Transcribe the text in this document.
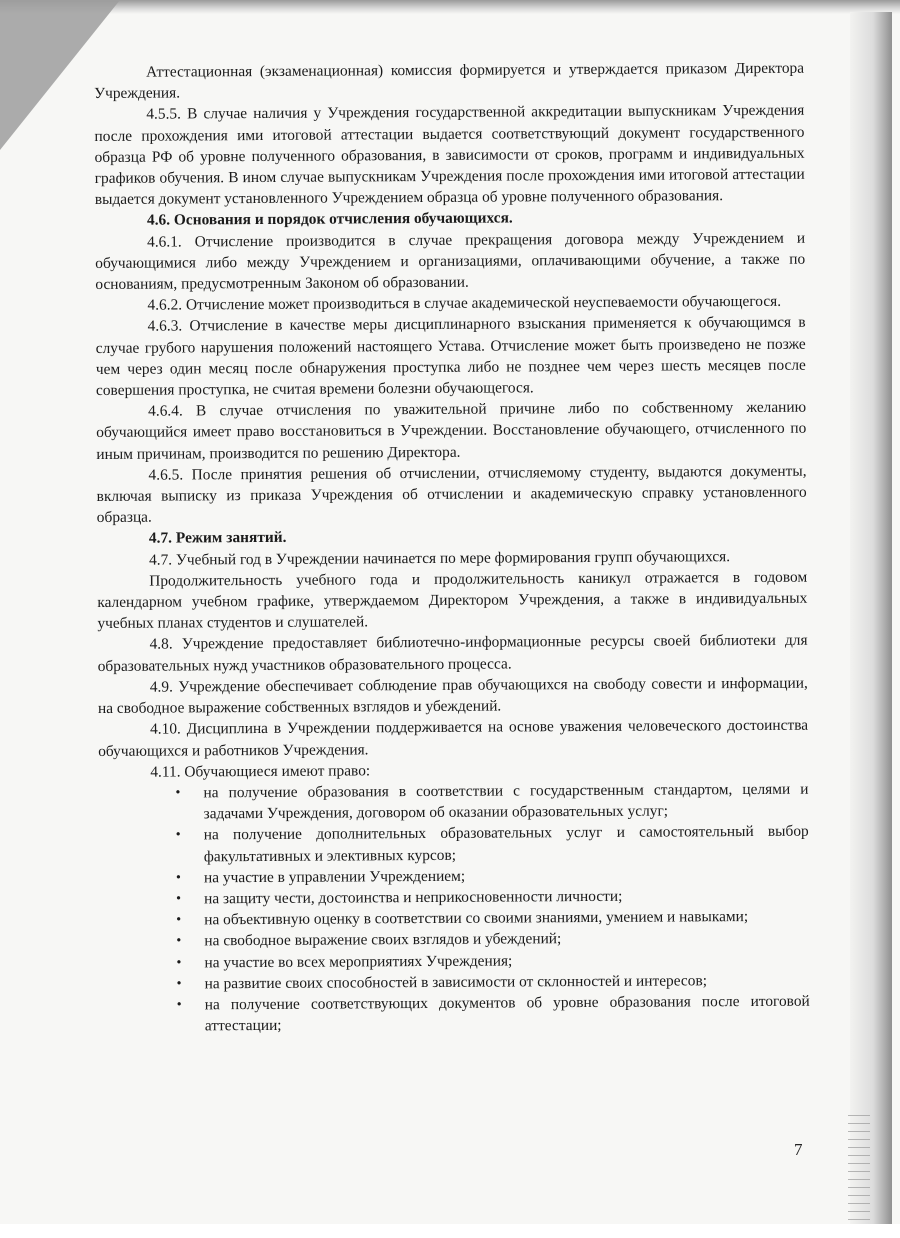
Аттестационная (экзаменационная) комиссия формируется и утверждается приказом Директора Учреждения.

4.5.5. В случае наличия у Учреждения государственной аккредитации выпускникам Учреждения после прохождения ими итоговой аттестации выдается соответствующий документ государственного образца РФ об уровне полученного образования, в зависимости от сроков, программ и индивидуальных графиков обучения. В ином случае выпускникам Учреждения после прохождения ими итоговой аттестации выдается документ установленного Учреждением образца об уровне полученного образования.

4.6. Основания и порядок отчисления обучающихся.

4.6.1. Отчисление производится в случае прекращения договора между Учреждением и обучающимися либо между Учреждением и организациями, оплачивающими обучение, а также по основаниям, предусмотренным Законом об образовании.

4.6.2. Отчисление может производиться в случае академической неуспеваемости обучающегося.

4.6.3. Отчисление в качестве меры дисциплинарного взыскания применяется к обучающимся в случае грубого нарушения положений настоящего Устава. Отчисление может быть произведено не позже чем через один месяц после обнаружения проступка либо не позднее чем через шесть месяцев после совершения проступка, не считая времени болезни обучающегося.

4.6.4. В случае отчисления по уважительной причине либо по собственному желанию обучающийся имеет право восстановиться в Учреждении. Восстановление обучающего, отчисленного по иным причинам, производится по решению Директора.

4.6.5. После принятия решения об отчислении, отчисляемому студенту, выдаются документы, включая выписку из приказа Учреждения об отчислении и академическую справку установленного образца.

4.7. Режим занятий.

4.7. Учебный год в Учреждении начинается по мере формирования групп обучающихся.

Продолжительность учебного года и продолжительность каникул отражается в годовом календарном учебном графике, утверждаемом Директором Учреждения, а также в индивидуальных учебных планах студентов и слушателей.

4.8. Учреждение предоставляет библиотечно-информационные ресурсы своей библиотеки для образовательных нужд участников образовательного процесса.

4.9. Учреждение обеспечивает соблюдение прав обучающихся на свободу совести и информации, на свободное выражение собственных взглядов и убеждений.

4.10. Дисциплина в Учреждении поддерживается на основе уважения человеческого достоинства обучающихся и работников Учреждения.

4.11. Обучающиеся имеют право:

• на получение образования в соответствии с государственным стандартом, целями и задачами Учреждения, договором об оказании образовательных услуг;
• на получение дополнительных образовательных услуг и самостоятельный выбор факультативных и элективных курсов;
• на участие в управлении Учреждением;
• на защиту чести, достоинства и неприкосновенности личности;
• на объективную оценку в соответствии со своими знаниями, умением и навыками;
• на свободное выражение своих взглядов и убеждений;
• на участие во всех мероприятиях Учреждения;
• на развитие своих способностей в зависимости от склонностей и интересов;
• на получение соответствующих документов об уровне образования после итоговой аттестации;
7
